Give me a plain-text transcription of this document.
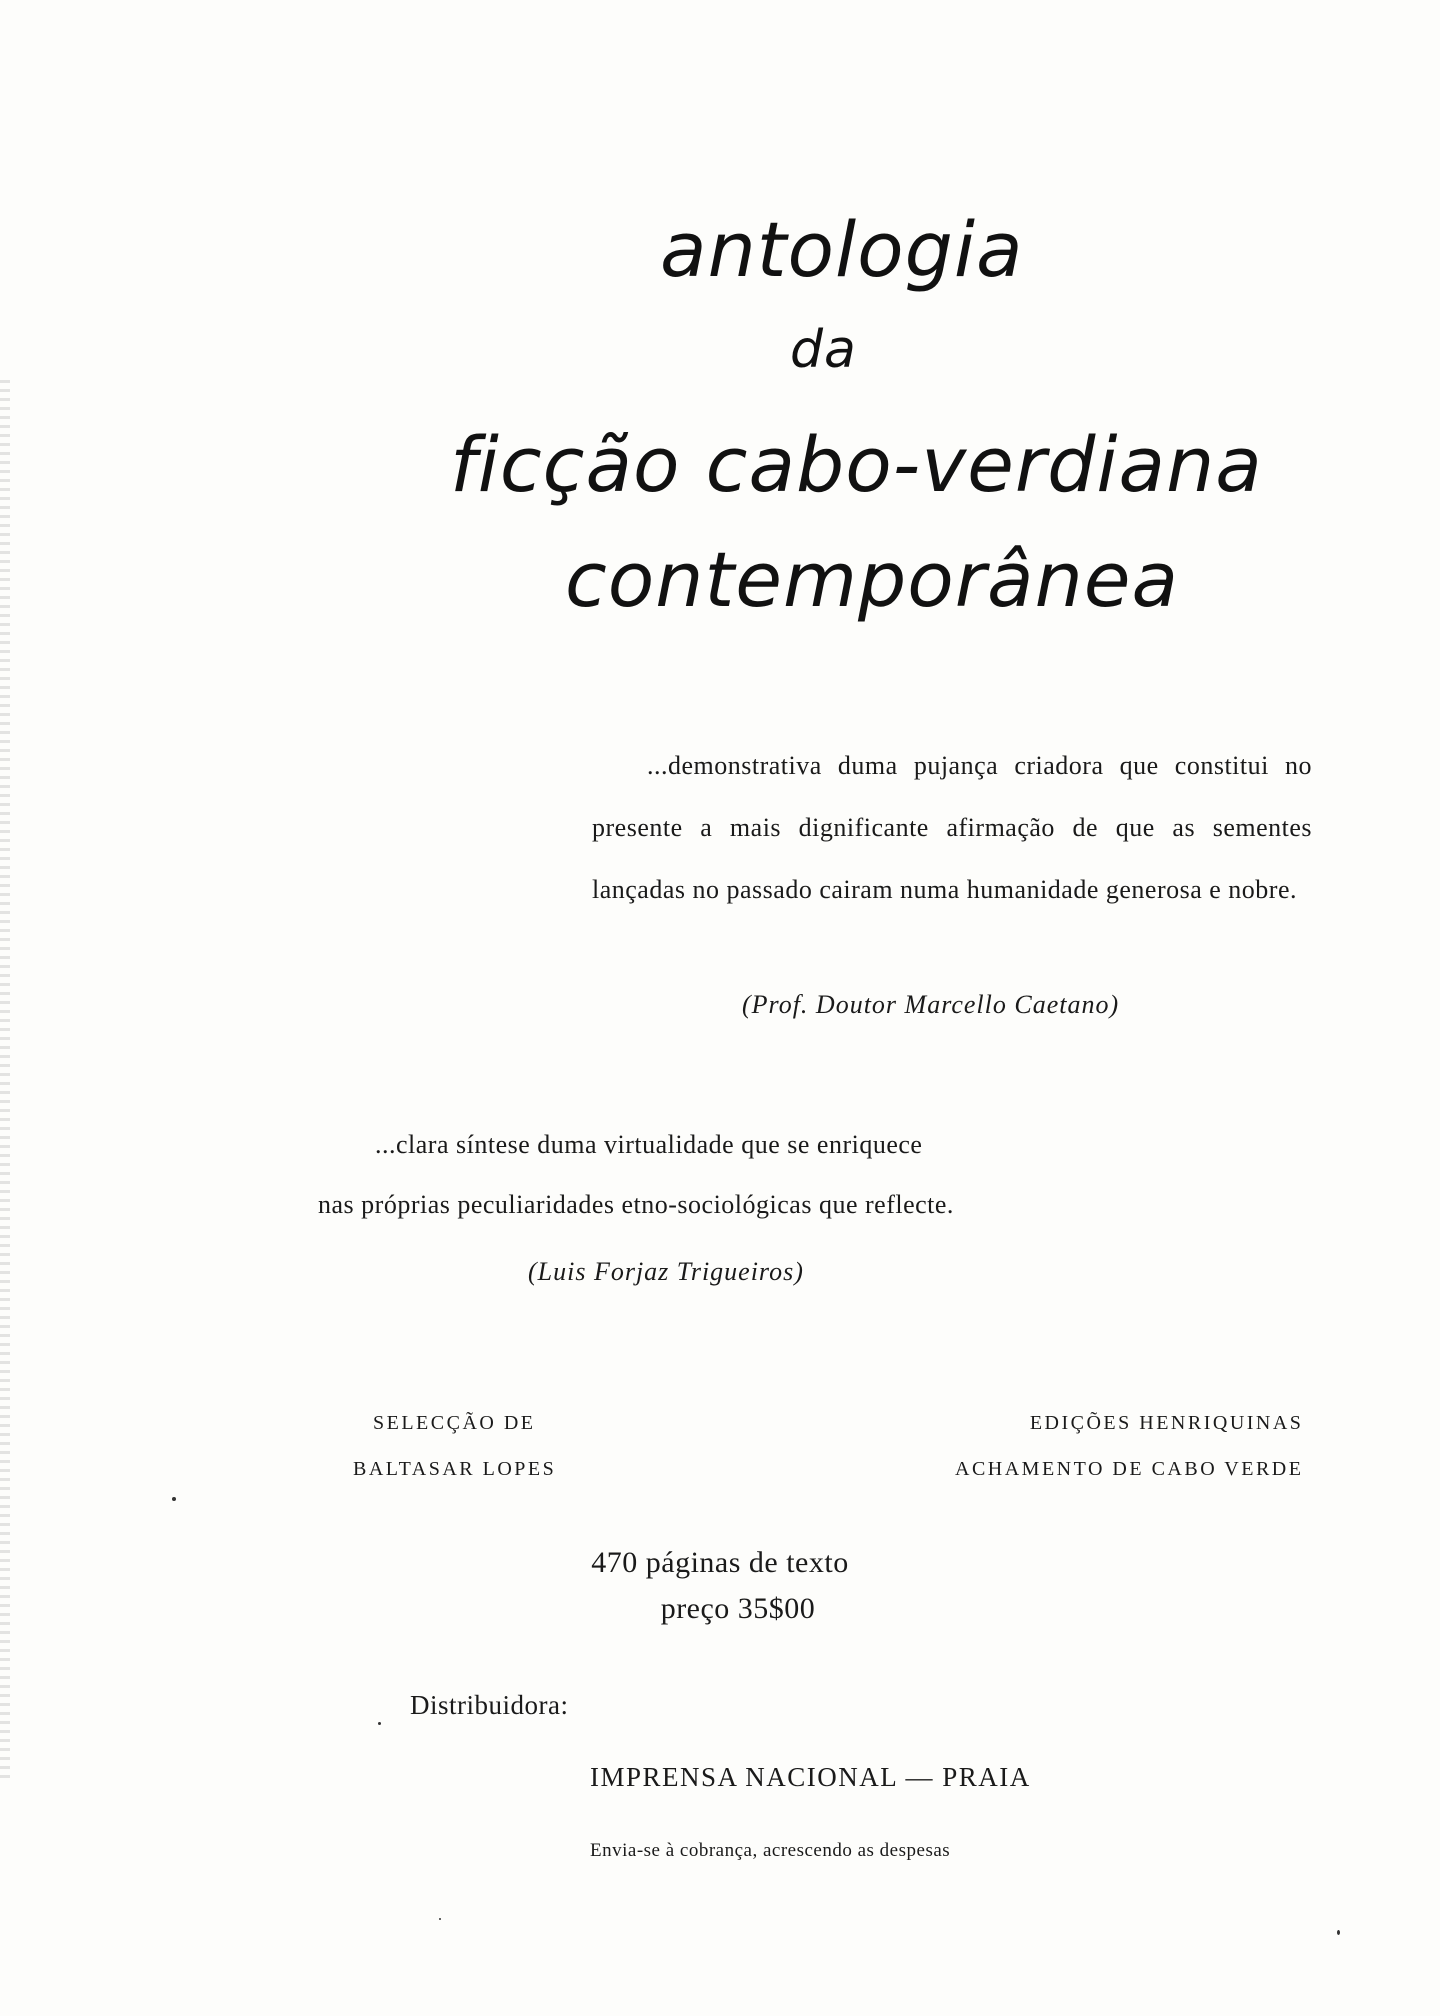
antologia
da
ficção cabo-verdiana
contemporânea

...demonstrativa duma pujança criadora que constitui no presente a mais dignificante afirmação de que as sementes lançadas no passado cairam numa humanidade generosa e nobre.

(Prof. Doutor Marcello Caetano)
...clara síntese duma virtualidade que se enriquece
nas próprias peculiaridades etno-sociológicas que reflecte.
(Luis Forjaz Trigueiros)
SELECÇÃO DE
BALTASAR LOPES
EDIÇÕES HENRIQUINAS
ACHAMENTO DE CABO VERDE
470 páginas de texto
preço 35$00
Distribuidora:
IMPRENSA NACIONAL — PRAIA
Envia-se à cobrança, acrescendo as despesas
